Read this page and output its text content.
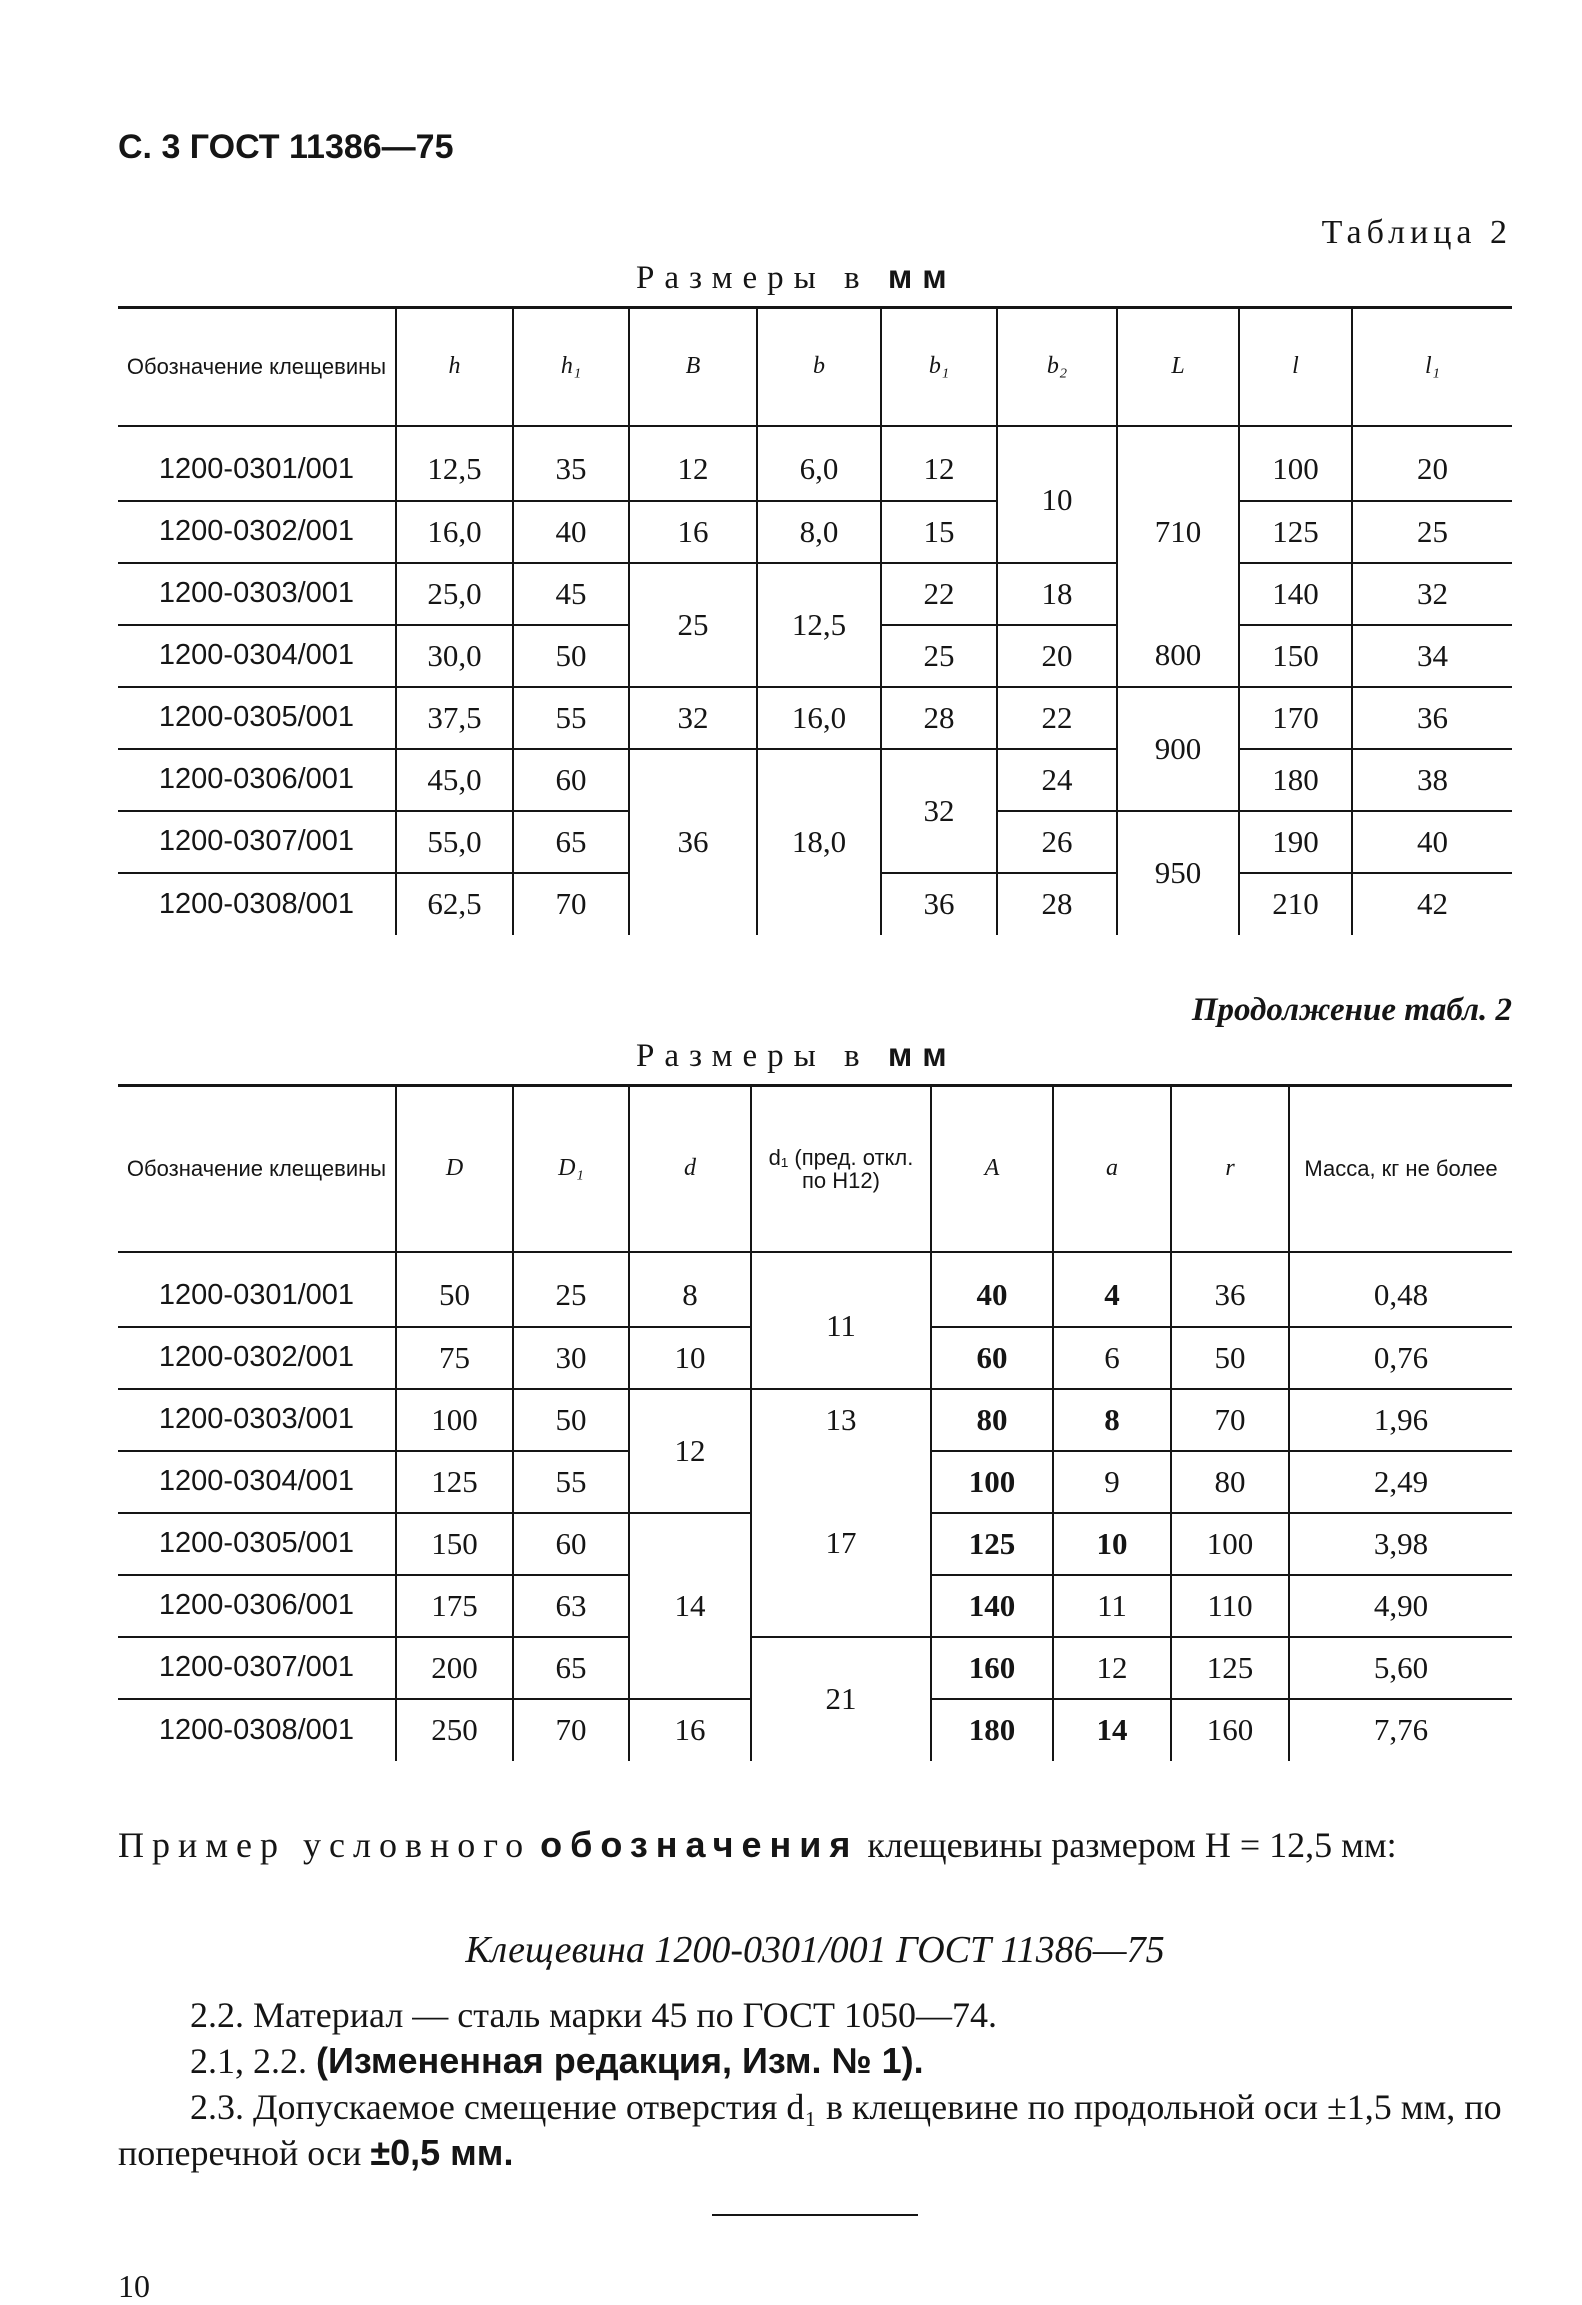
С. 3 ГОСТ 11386—75
Таблица 2
Размеры в мм
Обозначение клещевины	h	h₁	B	b	b₁	b₂	L	l	l₁

1200-0301/001	12,5	35	12	6,0	12	10	710	100	20
1200-0302/001	16,0	40	16	8,0	15			125	25
1200-0303/001	25,0	45	25	12,5	22	18		140	32
1200-0304/001	30,0	50			25	20	800	150	34
1200-0305/001	37,5	55	32	16,0	28	22	900	170	36
1200-0306/001	45,0	60	36	18,0	32	24		180	38
1200-0307/001	55,0	65				26	950	190	40
1200-0308/001	62,5	70			36	28		210	42
Продолжение табл. 2
Размеры в мм
Обозначение клещевины	D	D₁	d	d₁ (пред. откл. по H12)	A	a	r	Масса, кг не более

1200-0301/001	50	25	8	11	40	4	36	0,48
1200-0302/001	75	30	10		60	6	50	0,76
1200-0303/001	100	50	12	13	80	8	70	1,96
1200-0304/001	125	55		17	100	9	80	2,49
1200-0305/001	150	60	14		125	10	100	3,98
1200-0306/001	175	63			140	11	110	4,90
1200-0307/001	200	65		21	160	12	125	5,60
1200-0308/001	250	70	16		180	14	160	7,76
Пример условного обозначения клещевины размером H = 12,5 мм:
Клещевина 1200-0301/001 ГОСТ 11386—75
2.2. Материал — сталь марки 45 по ГОСТ 1050—74.
2.1, 2.2. (Измененная редакция, Изм. № 1).
2.3. Допускаемое смещение отверстия d₁ в клещевине по продольной оси ±1,5 мм, по поперечной оси ±0,5 мм.
10
